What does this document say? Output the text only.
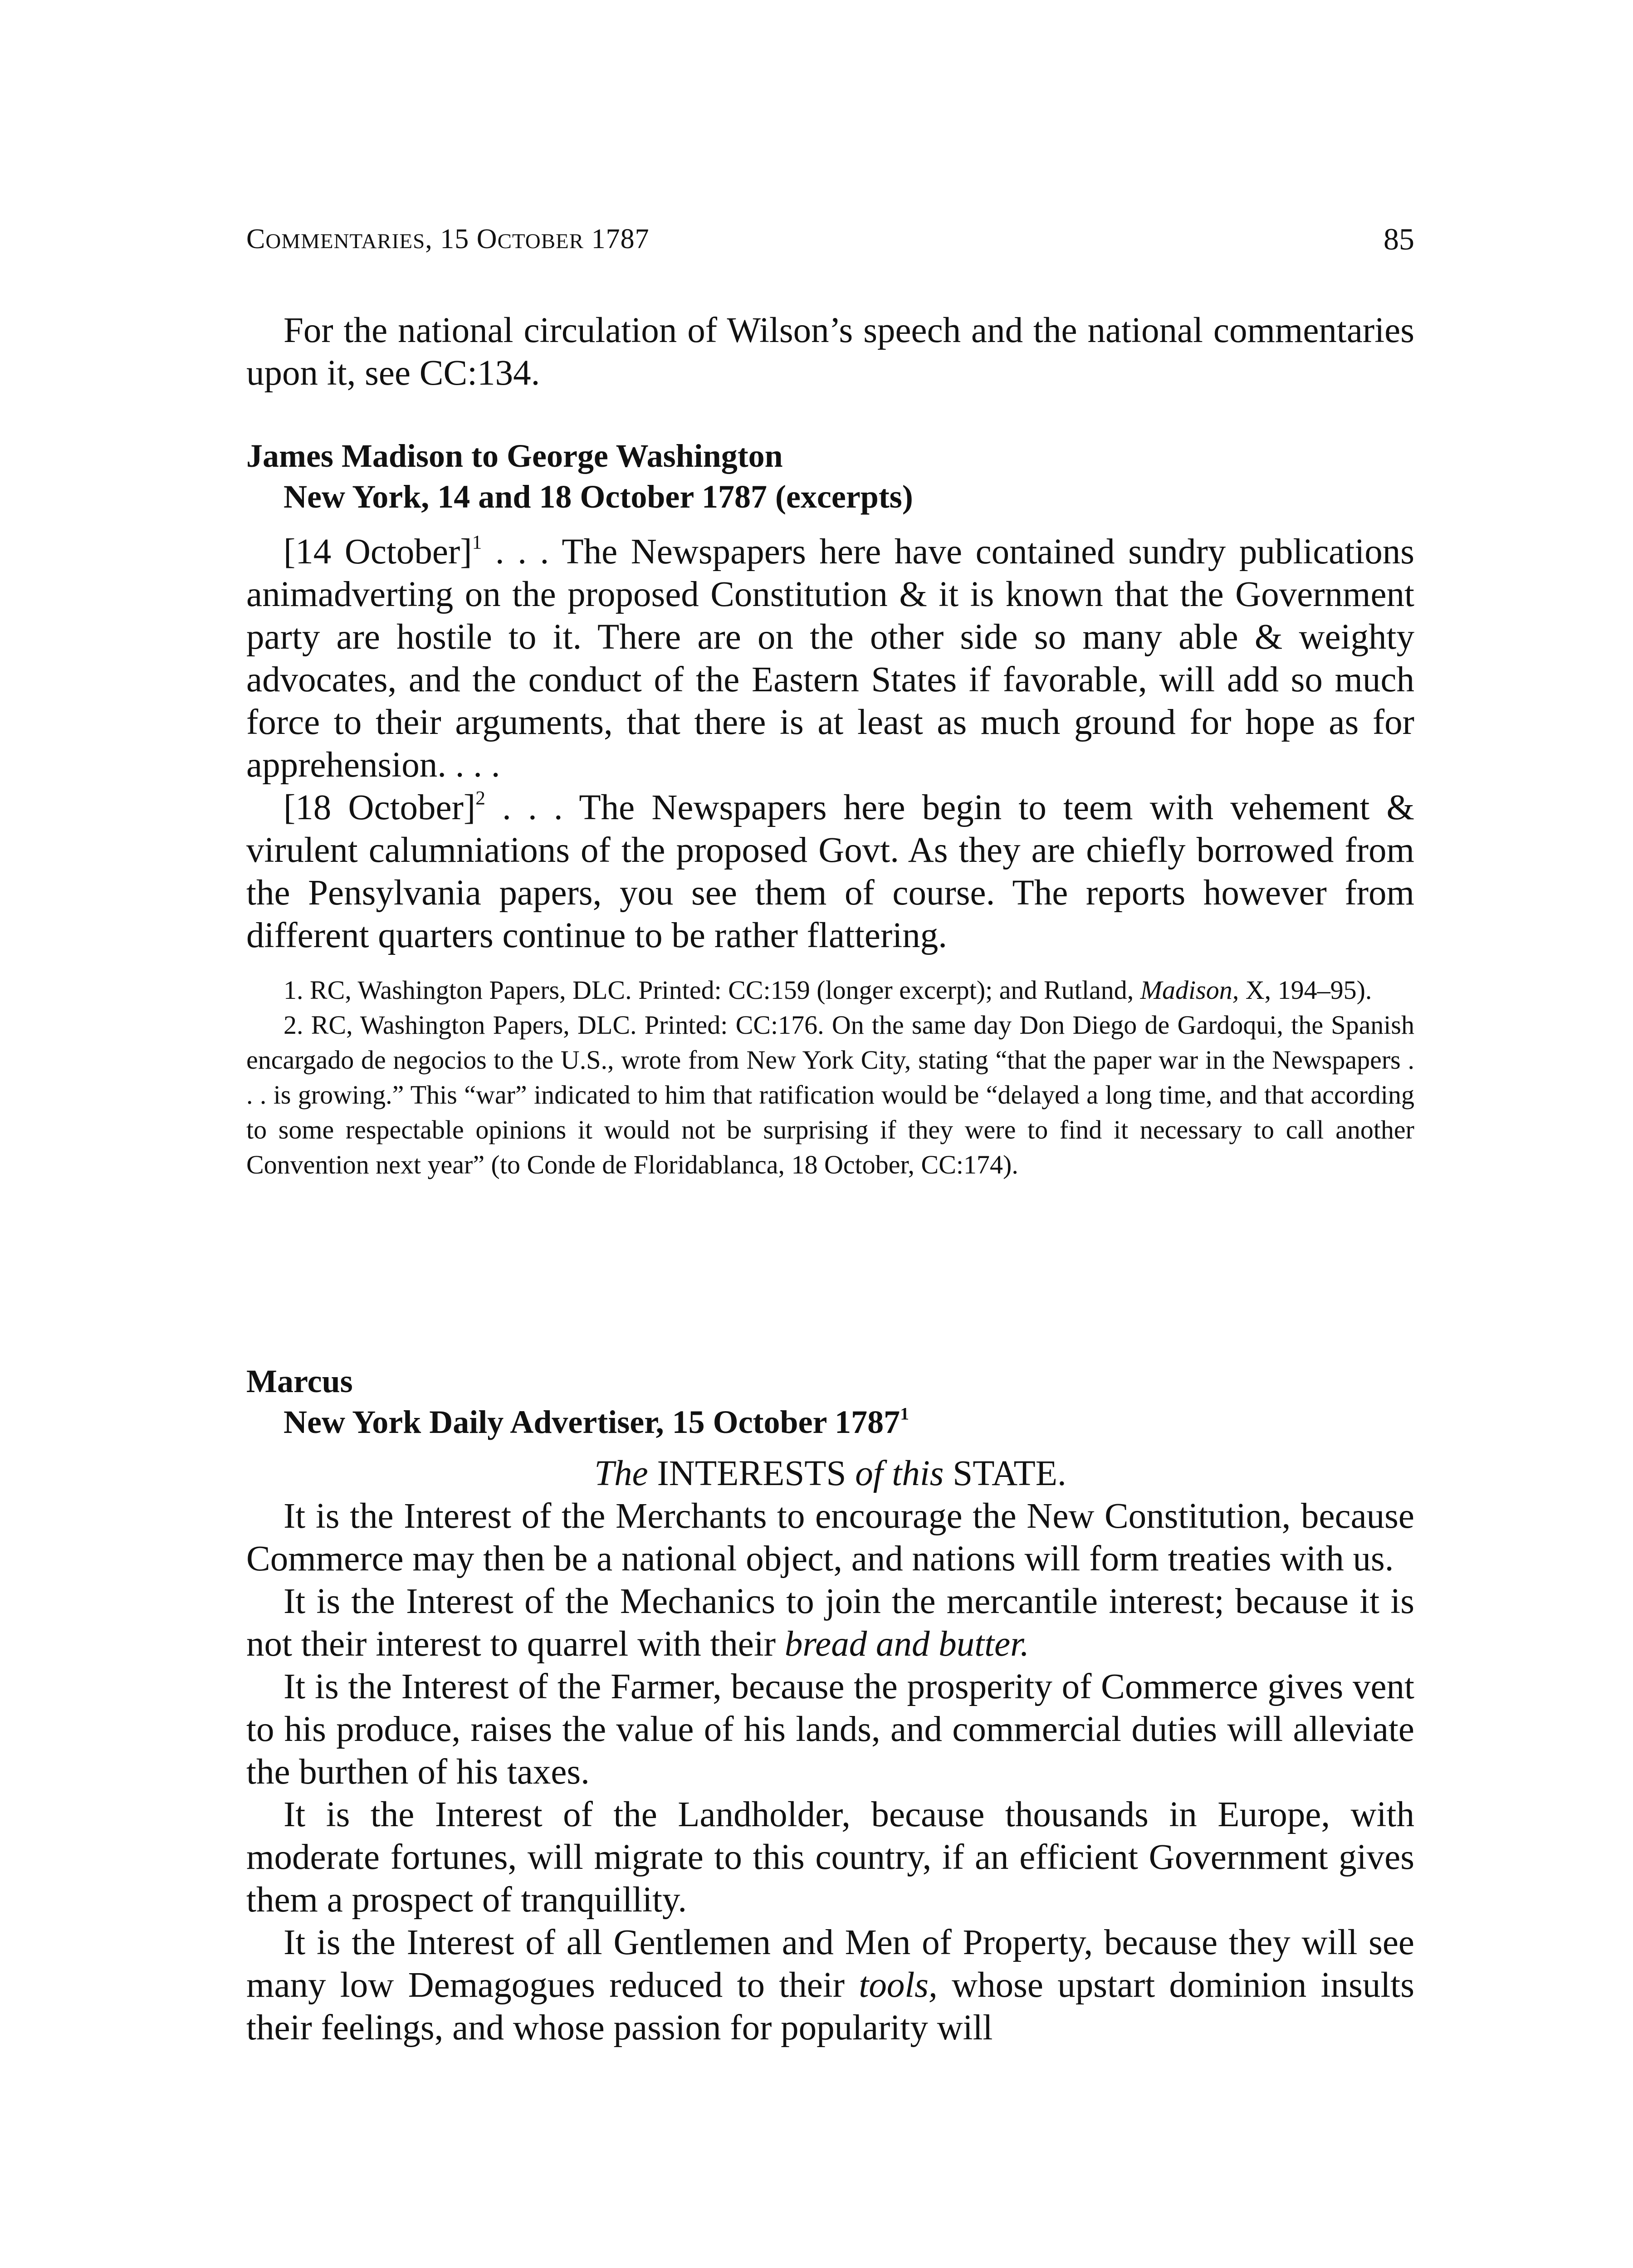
COMMENTARIES, 15 OCTOBER 1787	85

For the national circulation of Wilson’s speech and the national commentaries upon it, see CC:134.

James Madison to George Washington

New York, 14 and 18 October 1787 (excerpts)

[14 October]$^1$ . . . The Newspapers here have contained sundry publications animadverting on the proposed Constitution & it is known that the Government party are hostile to it. There are on the other side so many able & weighty advocates, and the conduct of the Eastern States if favorable, will add so much force to their arguments, that there is at least as much ground for hope as for apprehension. . . .

[18 October]$^2$ . . . The Newspapers here begin to teem with vehement & virulent calumniations of the proposed Govt. As they are chiefly borrowed from the Pensylvania papers, you see them of course. The reports however from different quarters continue to be rather flattering.

1. RC, Washington Papers, DLC. Printed: CC:159 (longer excerpt); and Rutland, Madison, X, 194–95).

2. RC, Washington Papers, DLC. Printed: CC:176. On the same day Don Diego de Gardoqui, the Spanish encargado de negocios to the U.S., wrote from New York City, stating “that the paper war in the Newspapers . . . is growing.” This “war” indicated to him that ratification would be “delayed a long time, and that according to some respectable opinions it would not be surprising if they were to find it necessary to call another Convention next year” (to Conde de Floridablanca, 18 October, CC:174).

Marcus

New York Daily Advertiser, 15 October 1787$^1$

The INTERESTS of this STATE.

It is the Interest of the Merchants to encourage the New Constitution, because Commerce may then be a national object, and nations will form treaties with us.

It is the Interest of the Mechanics to join the mercantile interest; because it is not their interest to quarrel with their bread and butter.

It is the Interest of the Farmer, because the prosperity of Commerce gives vent to his produce, raises the value of his lands, and commercial duties will alleviate the burthen of his taxes.

It is the Interest of the Landholder, because thousands in Europe, with moderate fortunes, will migrate to this country, if an efficient Government gives them a prospect of tranquillity.

It is the Interest of all Gentlemen and Men of Property, because they will see many low Demagogues reduced to their tools, whose upstart dominion insults their feelings, and whose passion for popularity will
